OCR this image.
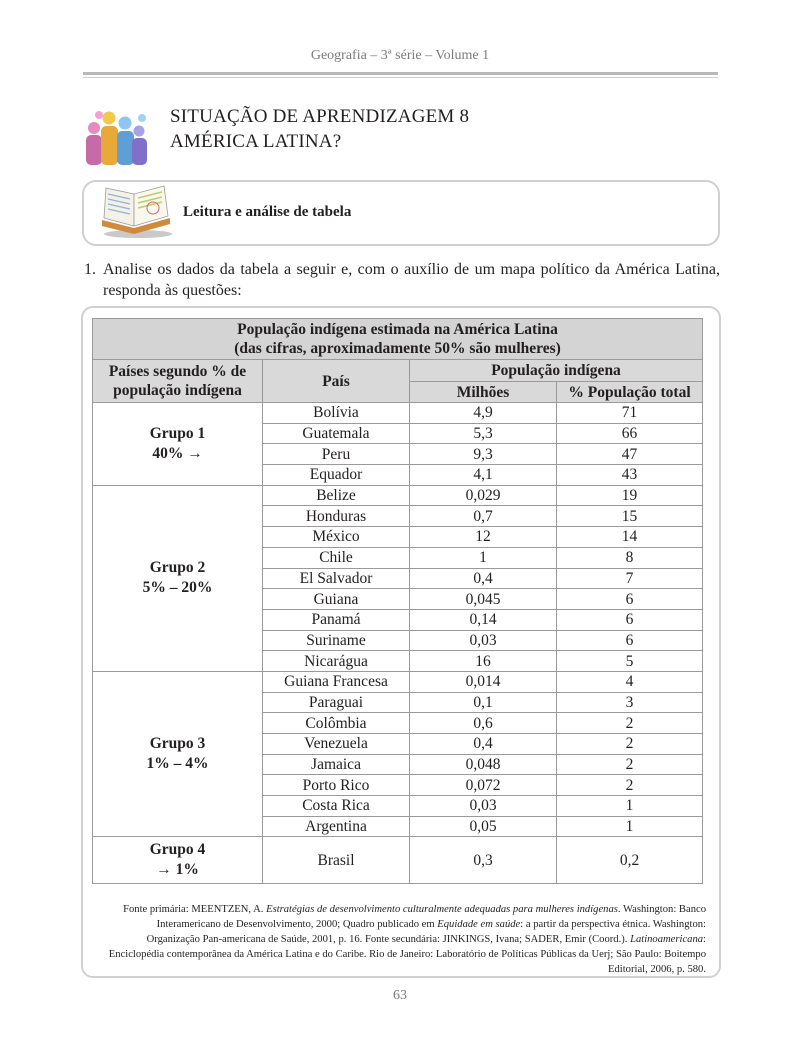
Geografia – 3ª série – Volume 1
SITUAÇÃO DE APRENDIZAGEM 8
AMÉRICA LATINA?
Leitura e análise de tabela
1. Analise os dados da tabela a seguir e, com o auxílio de um mapa político da América Latina, responda às questões:
População indígena estimada na América Latina
(das cifras, aproximadamente 50% são mulheres)			

Países segundo % de
população indígena	País	População indígena	
		Milhões	% População total

Grupo 1
40% →	Bolívia	4,9	71
	Guatemala	5,3	66
	Peru	9,3	47
	Equador	4,1	43

Grupo 2
5% – 20%	Belize	0,029	19
	Honduras	0,7	15
	México	12	14
	Chile	1	8
	El Salvador	0,4	7
	Guiana	0,045	6
	Panamá	0,14	6
	Suriname	0,03	6
	Nicarágua	16	5

Grupo 3
1% – 4%	Guiana Francesa	0,014	4
	Paraguai	0,1	3
	Colômbia	0,6	2
	Venezuela	0,4	2
	Jamaica	0,048	2
	Porto Rico	0,072	2
	Costa Rica	0,03	1
	Argentina	0,05	1

Grupo 4
→ 1%	Brasil	0,3	0,2
Fonte primária: MEENTZEN, A. Estratégias de desenvolvimento culturalmente adequadas para mulheres indígenas. Washington: Banco Interamericano de Desenvolvimento, 2000; Quadro publicado em Equidade em saúde: a partir da perspectiva étnica. Washington: Organização Pan-americana de Saúde, 2001, p. 16. Fonte secundária: JINKINGS, Ivana; SADER, Emir (Coord.). Latinoamericana: Enciclopédia contemporânea da América Latina e do Caribe. Rio de Janeiro: Laboratório de Políticas Públicas da Uerj; São Paulo: Boitempo Editorial, 2006, p. 580.
63
